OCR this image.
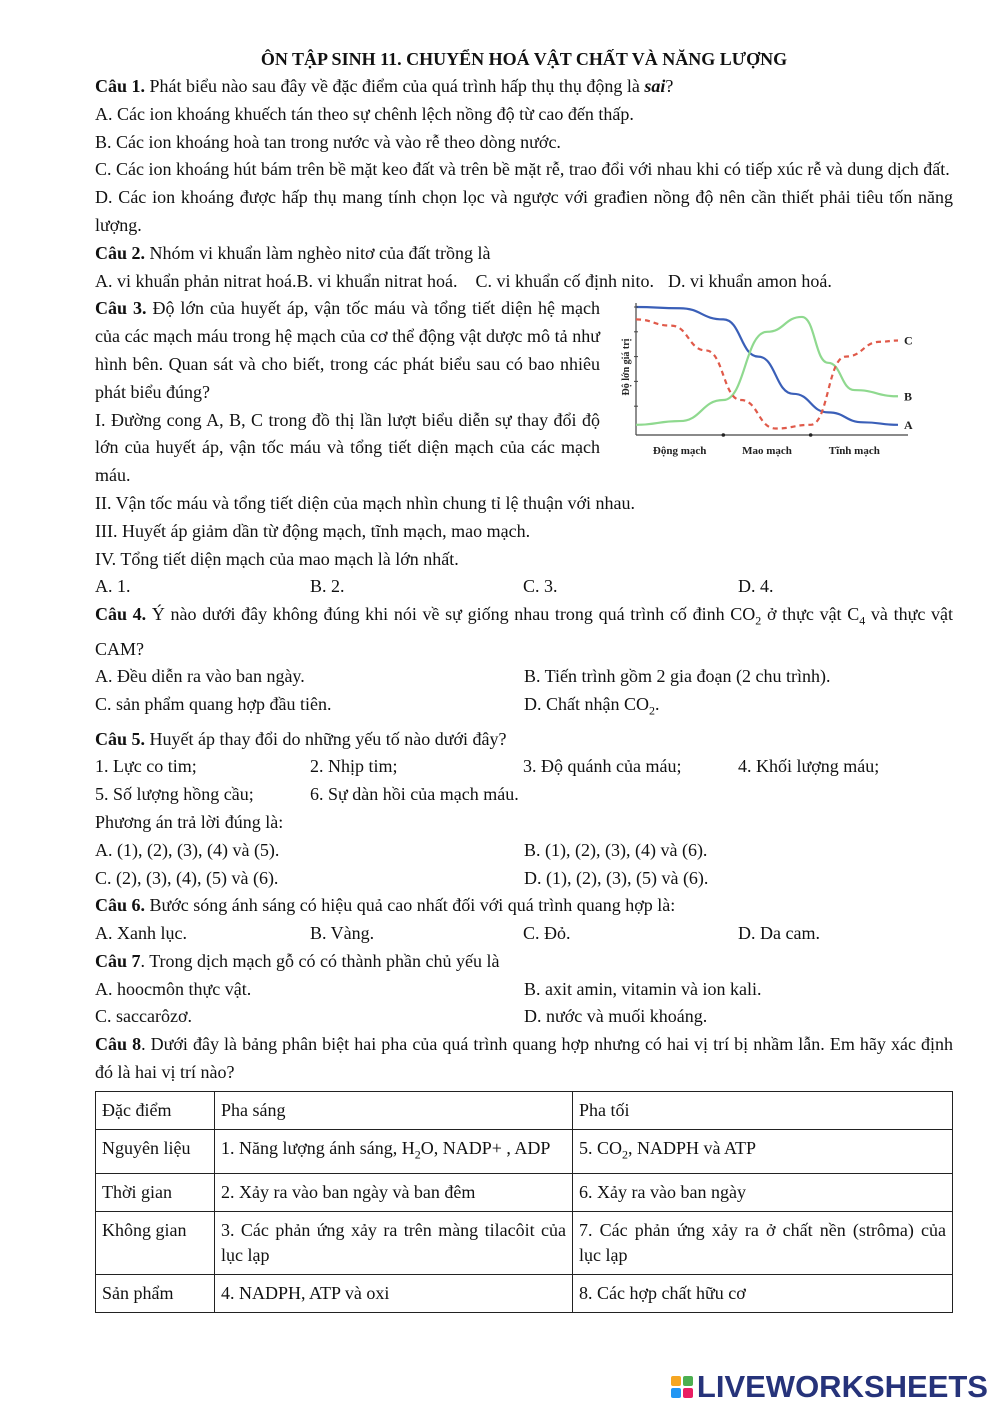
ÔN TẬP SINH 11. CHUYỂN HOÁ VẬT CHẤT VÀ NĂNG LƯỢNG
Câu 1. Phát biểu nào sau đây về đặc điểm của quá trình hấp thụ thụ động là sai?
A. Các ion khoáng khuếch tán theo sự chênh lệch nồng độ từ cao đến thấp.
B. Các ion khoáng hoà tan trong nước và vào rễ theo dòng nước.
C. Các ion khoáng hút bám trên bề mặt keo đất và trên bề mặt rễ, trao đổi với nhau khi có tiếp xúc rễ và dung dịch đất.
D. Các ion khoáng được hấp thụ mang tính chọn lọc và ngược với građien nồng độ nên cần thiết phải tiêu tốn năng lượng.
Câu 2. Nhóm vi khuẩn làm nghèo nitơ của đất trồng là
A. vi khuẩn phản nitrat hoá.B. vi khuẩn nitrat hoá. C. vi khuẩn cố định nito. D. vi khuẩn amon hoá.
Câu 3. Độ lớn của huyết áp, vận tốc máu và tổng tiết diện hệ mạch của các mạch máu trong hệ mạch của cơ thể động vật dược mô tả như hình bên. Quan sát và cho biết, trong các phát biểu sau có bao nhiêu phát biểu đúng?
I. Đường cong A, B, C trong đồ thị lần lượt biểu diễn sự thay đổi độ lớn của huyết áp, vận tốc máu và tổng tiết diện mạch của các mạch máu.
Độ lớn giá trị
A
B
C
Động mạch	Mao mạch	Tĩnh mạch
II. Vận tốc máu và tổng tiết diện của mạch nhìn chung tỉ lệ thuận với nhau.
III. Huyết áp giảm dần từ động mạch, tĩnh mạch, mao mạch.
IV. Tổng tiết diện mạch của mao mạch là lớn nhất.
A. 1.	B. 2.	C. 3.	D. 4.
Câu 4. Ý nào dưới đây không đúng khi nói về sự giống nhau trong quá trình cố đinh $CO_2$ ở thực vật $C_4$ và thực vật CAM?
A. Đều diễn ra vào ban ngày.	B. Tiến trình gồm 2 gia đoạn (2 chu trình).
C. sản phẩm quang hợp đầu tiên.	D. Chất nhận $CO_2$.
Câu 5. Huyết áp thay đổi do những yếu tố nào dưới đây?
1. Lực co tim;	2. Nhịp tim;	3. Độ quánh của máu;	4. Khối lượng máu;
5. Số lượng hồng cầu;	6. Sự dàn hồi của mạch máu.
Phương án trả lời đúng là:
A. (1), (2), (3), (4) và (5).	B. (1), (2), (3), (4) và (6).
C. (2), (3), (4), (5) và (6).	D. (1), (2), (3), (5) và (6).
Câu 6. Bước sóng ánh sáng có hiệu quả cao nhất đối với quá trình quang hợp là:
A. Xanh lục.	B. Vàng.	C. Đỏ.	D. Da cam.
Câu 7. Trong dịch mạch gỗ có có thành phần chủ yếu là
A. hoocmôn thực vật.	B. axit amin, vitamin và ion kali.
C. saccarôzơ.	D. nước và muối khoáng.
Câu 8. Dưới đây là bảng phân biệt hai pha của quá trình quang hợp nhưng có hai vị trí bị nhầm lẫn. Em hãy xác định đó là hai vị trí nào?
Đặc điểm	Pha sáng	Pha tối
Nguyên liệu	1. Năng lượng ánh sáng, $H_2O$, NADP+ , ADP	5. $CO_2$, NADPH và ATP
Thời gian	2. Xảy ra vào ban ngày và ban đêm	6. Xảy ra vào ban ngày
Không gian	3. Các phản ứng xảy ra trên màng tilacôit của lục lạp	7. Các phản ứng xảy ra ở chất nền (strôma) của lục lạp
Sản phẩm	4. NADPH, ATP và oxi	8. Các hợp chất hữu cơ
LIVEWORKSHEETS
